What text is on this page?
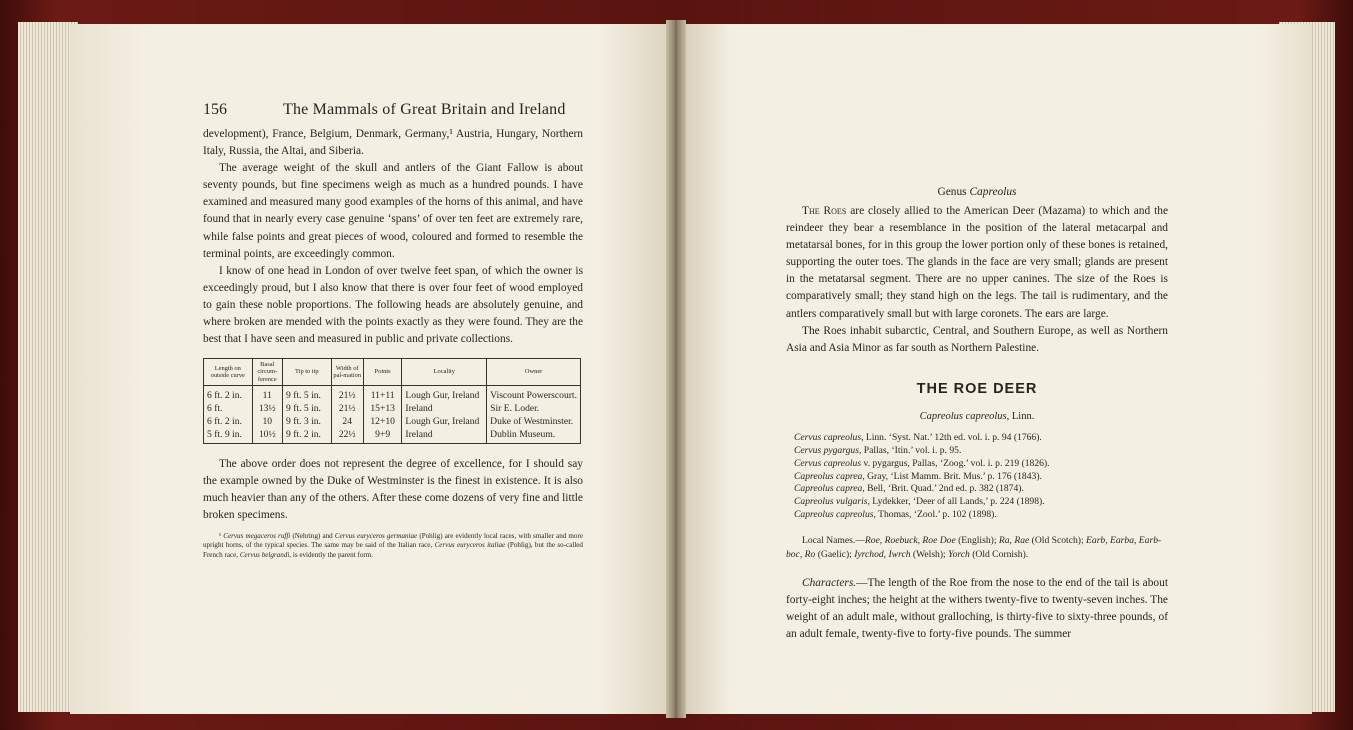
156	The Mammals of Great Britain and Ireland

development), France, Belgium, Denmark, Germany,¹ Austria, Hungary, Northern Italy, Russia, the Altai, and Siberia.

The average weight of the skull and antlers of the Giant Fallow is about seventy pounds, but fine specimens weigh as much as a hundred pounds. I have examined and measured many good examples of the horns of this animal, and have found that in nearly every case genuine ‘spans’ of over ten feet are extremely rare, while false points and great pieces of wood, coloured and formed to resemble the terminal points, are exceedingly common.

I know of one head in London of over twelve feet span, of which the owner is exceedingly proud, but I also know that there is over four feet of wood employed to gain these noble proportions. The following heads are absolutely genuine, and where broken are mended with the points exactly as they were found. They are the best that I have seen and measured in public and private collections.

Length on outside curve	Basal circum-ference	Tip to tip	Width of pal-mation	Points	Locality	Owner
6 ft. 2 in.	11	9 ft. 5 in.	21½	11+11	Lough Gur, Ireland	Viscount Powerscourt.
6 ft.	13½	9 ft. 5 in.	21½	15+13	Ireland	Sir E. Loder.
6 ft. 2 in.	10	9 ft. 3 in.	24	12+10	Lough Gur, Ireland	Duke of Westminster.
5 ft. 9 in.	10½	9 ft. 2 in.	22½	9+9	Ireland	Dublin Museum.

The above order does not represent the degree of excellence, for I should say the example owned by the Duke of Westminster is the finest in existence. It is also much heavier than any of the others. After these come dozens of very fine and little broken specimens.

¹ Cervus megaceros ruffi (Nehring) and Cervus euryceros germaniae (Pohlig) are evidently local races, with smaller and more upright horns, of the typical species. The same may be said of the Italian race, Cervus euryceros italiae (Pohlig), but the so-called French race, Cervus belgrandi, is evidently the parent form.

Genus Capreolus

The Roes are closely allied to the American Deer (Mazama) to which and the reindeer they bear a resemblance in the position of the lateral metacarpal and metatarsal bones, for in this group the lower portion only of these bones is retained, supporting the outer toes. The glands in the face are very small; glands are present in the metatarsal segment. There are no upper canines. The size of the Roes is comparatively small; they stand high on the legs. The tail is rudimentary, and the antlers comparatively small but with large coronets. The ears are large.

The Roes inhabit subarctic, Central, and Southern Europe, as well as Northern Asia and Asia Minor as far south as Northern Palestine.

THE ROE DEER

Capreolus capreolus, Linn.

Cervus capreolus, Linn. ‘Syst. Nat.’ 12th ed. vol. i. p. 94 (1766).

Cervus pygargus, Pallas, ‘Itin.’ vol. i. p. 95.

Cervus capreolus v. pygargus, Pallas, ‘Zoog.’ vol. i. p. 219 (1826).

Capreolus caprea, Gray, ‘List Mamm. Brit. Mus.’ p. 176 (1843).

Capreolus caprea, Bell, ‘Brit. Quad.’ 2nd ed. p. 382 (1874).

Capreolus vulgaris, Lydekker, ‘Deer of all Lands,’ p. 224 (1898).

Capreolus capreolus, Thomas, ‘Zool.’ p. 102 (1898).

Local Names.—Roe, Roebuck, Roe Doe (English); Ra, Rae (Old Scotch); Earb, Earba, Earb-boc, Ro (Gaelic); Iyrchod, Iwrch (Welsh); Yorch (Old Cornish).

Characters.—The length of the Roe from the nose to the end of the tail is about forty-eight inches; the height at the withers twenty-five to twenty-seven inches. The weight of an adult male, without gralloching, is thirty-five to sixty-three pounds, of an adult female, twenty-five to forty-five pounds. The summer
